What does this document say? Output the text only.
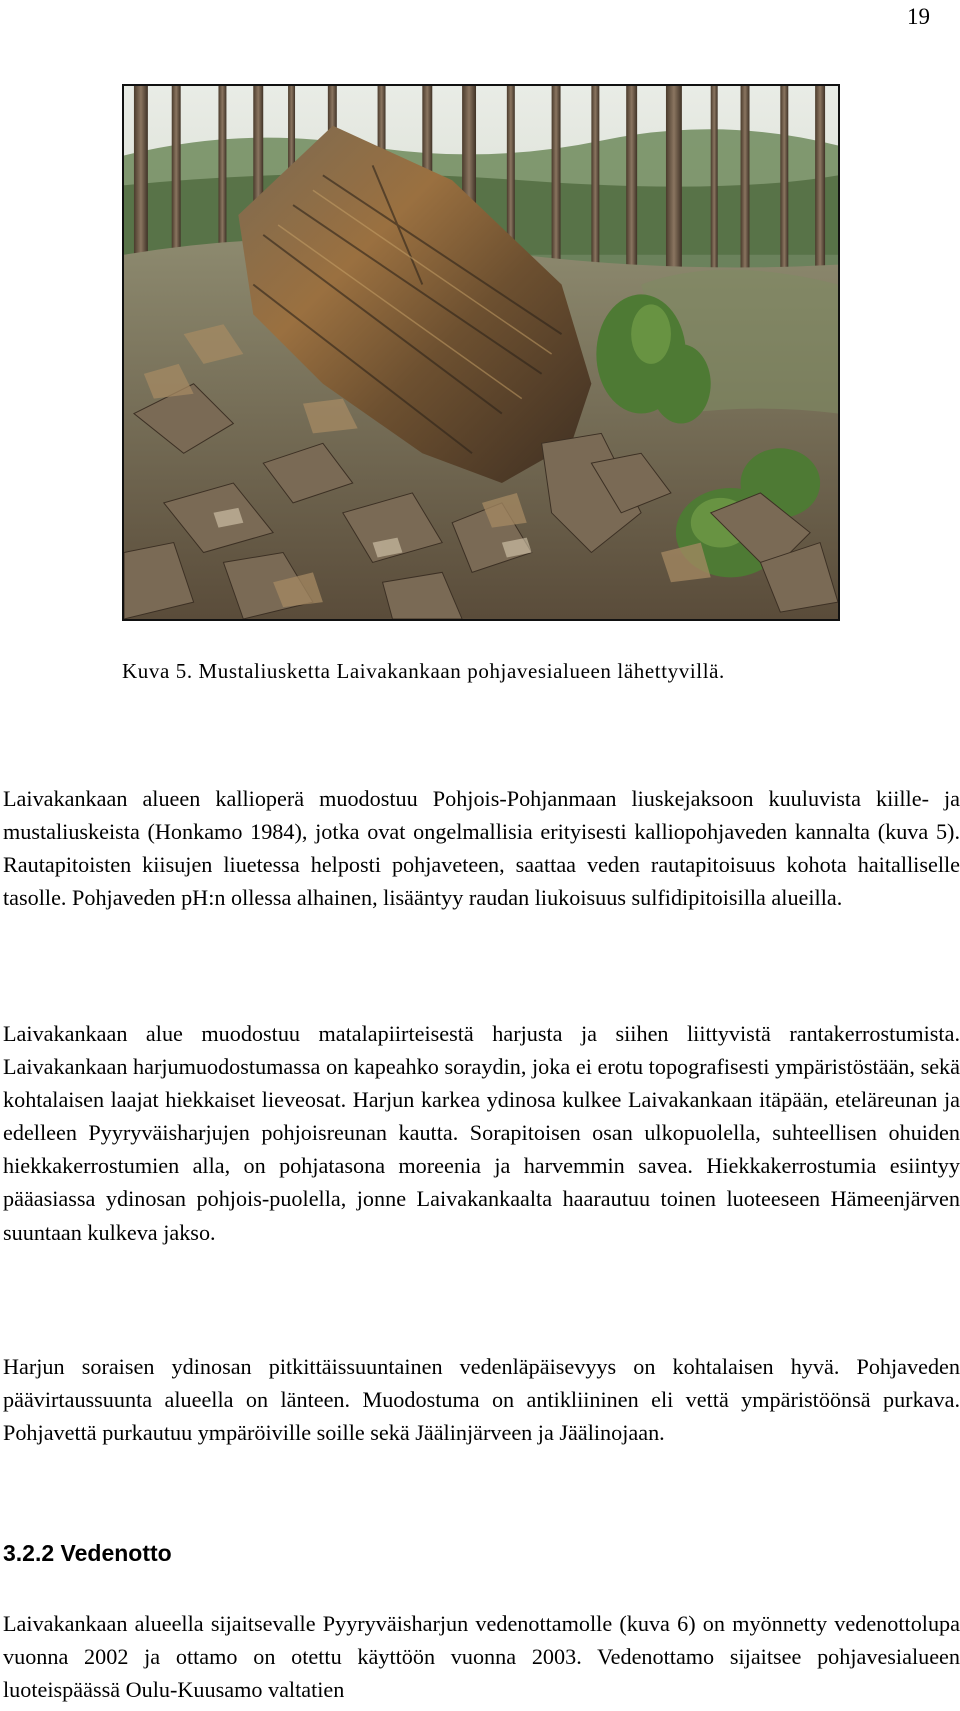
19

Kuva 5. Mustaliusketta Laivakankaan pohjavesialueen lähettyvillä.

Laivakankaan alueen kallioperä muodostuu Pohjois-Pohjanmaan liuskejaksoon kuuluvista kiille- ja mustaliuskeista (Honkamo 1984), jotka ovat ongelmallisia erityisesti kalliopohjaveden kannalta (kuva 5). Rautapitoisten kiisujen liuetessa helposti pohjaveteen, saattaa veden rautapitoisuus kohota haitalliselle tasolle. Pohjaveden pH:n ollessa alhainen, lisääntyy raudan liukoisuus sulfidipitoisilla alueilla.

Laivakankaan alue muodostuu matalapiirteisestä harjusta ja siihen liittyvistä rantakerrostumista. Laivakankaan harjumuodostumassa on kapeahko soraydin, joka ei erotu topografisesti ympäristöstään, sekä kohtalaisen laajat hiekkaiset lieveosat. Harjun karkea ydinosa kulkee Laivakankaan itäpään, eteläreunan ja edelleen Pyyryväisharjujen pohjoisreunan kautta. Sorapitoisen osan ulkopuolella, suhteellisen ohuiden hiekkakerrostumien alla, on pohjatasona moreenia ja harvemmin savea. Hiekkakerrostumia esiintyy pääasiassa ydinosan pohjois-puolella, jonne Laivakankaalta haarautuu toinen luoteeseen Hämeenjärven suuntaan kulkeva jakso.

Harjun soraisen ydinosan pitkittäissuuntainen vedenläpäisevyys on kohtalaisen hyvä. Pohjaveden päävirtaussuunta alueella on länteen. Muodostuma on antikliininen eli vettä ympäristöönsä purkava. Pohjavettä purkautuu ympäröiville soille sekä Jäälinjärveen ja Jäälinojaan.

3.2.2 Vedenotto

Laivakankaan alueella sijaitsevalle Pyyryväisharjun vedenottamolle (kuva 6) on myönnetty vedenottolupa vuonna 2002 ja ottamo on otettu käyttöön vuonna 2003. Vedenottamo sijaitsee pohjavesialueen luoteispäässä Oulu-Kuusamo valtatien
